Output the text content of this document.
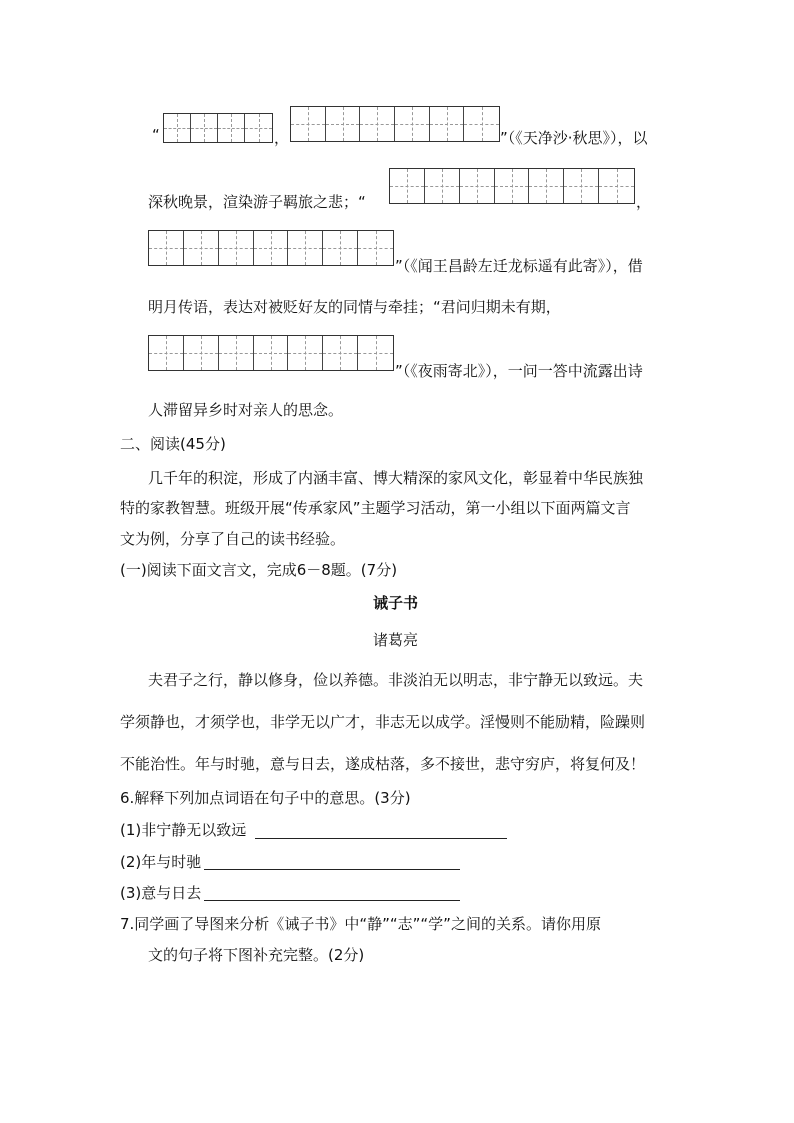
“	，	”（《天净沙·秋思》），以
深秋晚景，渲染游子羁旅之悲；“	，
”（《闻王昌龄左迁龙标遥有此寄》），借
明月传语，表达对被贬好友的同情与牵挂；“君问归期未有期，
”（《夜雨寄北》），一问一答中流露出诗
人滞留异乡时对亲人的思念。
二、阅读(45分)
几千年的积淀，形成了内涵丰富、博大精深的家风文化，彰显着中华民族独
特的家教智慧。班级开展“传承家风”主题学习活动，第一小组以下面两篇文言
文为例，分享了自己的读书经验。
(一)阅读下面文言文，完成6－8题。(7分)
诫子书
诸葛亮
夫君子之行，静以修身，俭以养德。非淡泊无以明志，非宁静无以致远。夫
学须静也，才须学也，非学无以广才，非志无以成学。淫慢则不能励精，险躁则
不能治性。年与时驰，意与日去，遂成枯落，多不接世，悲守穷庐，将复何及！
6.解释下列加点词语在句子中的意思。(3分)
(1)非宁静无以致远
(2)年与时驰
(3)意与日去
7.同学画了导图来分析《诫子书》中“静”“志”“学”之间的关系。请你用原
文的句子将下图补充完整。(2分)
